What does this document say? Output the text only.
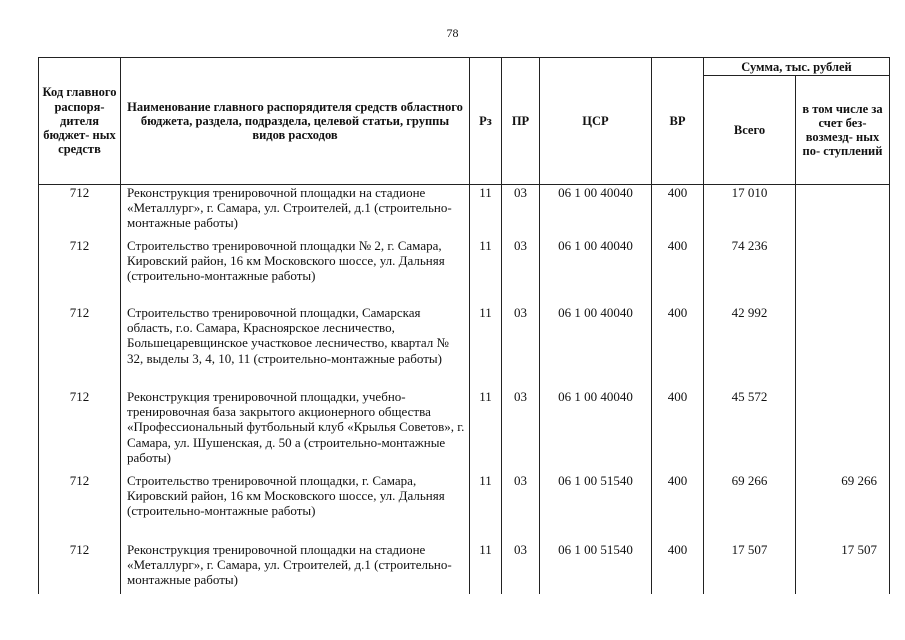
78
Код главного распоря- дителя бюджет- ных средств	Наименование главного распорядителя средств областного бюджета, раздела, подраздела, целевой статьи, группы видов расходов	Рз	ПР	ЦСР	ВР	Сумма, тыс. рублей	
						Всего	в том числе за счет без- возмезд- ных по- ступлений
712	Реконструкция тренировочной площадки на стадионе «Металлург», г. Самара, ул. Строителей, д.1 (строительно-монтажные работы)	11	03	06 1 00 40040	400	17 010	
712	Строительство тренировочной площадки № 2, г. Самара, Кировский район, 16 км Московского шоссе, ул. Дальняя (строительно-монтажные работы)	11	03	06 1 00 40040	400	74 236	
712	Строительство тренировочной площадки, Самарская область, г.о. Самара, Красноярское лесничество, Большецаревщинское участковое лесничество, квартал № 32, выделы 3, 4, 10, 11 (строительно-монтажные работы)	11	03	06 1 00 40040	400	42 992	
712	Реконструкция тренировочной площадки, учебно-тренировочная база закрытого акционерного общества «Профессиональный футбольный клуб «Крылья Советов», г. Самара, ул. Шушенская, д. 50 а (строительно-монтажные работы)	11	03	06 1 00 40040	400	45 572	
712	Строительство тренировочной площадки, г. Самара, Кировский район, 16 км Московского шоссе, ул. Дальняя (строительно-монтажные работы)	11	03	06 1 00 51540	400	69 266	69 266
712	Реконструкция тренировочной площадки на стадионе «Металлург», г. Самара, ул. Строителей, д.1 (строительно-монтажные работы)	11	03	06 1 00 51540	400	17 507	17 507
